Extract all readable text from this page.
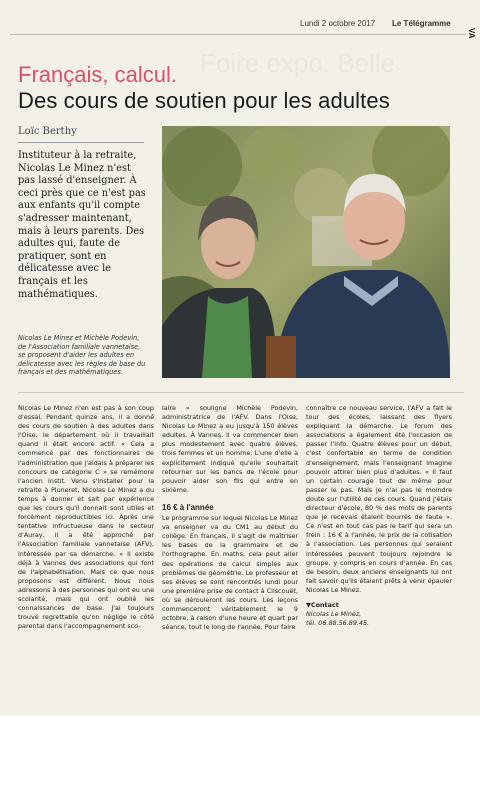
Lundi 2 octobre 2017 Le Télégramme
VA
Foire expo. Belle
Français, calcul.
Des cours de soutien pour les adultes
Loïc Berthy
Instituteur à la retraite, Nicolas Le Minez n'est pas lassé d'enseigner. À ceci près que ce n'est pas aux enfants qu'il compte s'adresser maintenant, mais à leurs parents. Des adultes qui, faute de pratiquer, sont en délicatesse avec le français et les mathématiques.
Nicolas Le Minez et Michèle Podevin, de l'Association familiale vannetaise, se proposent d'aider les adultes en délicatesse avec les règles de base du français et des mathématiques.

Nicolas Le Minez n'en est pas à son coup d'essai. Pendant quinze ans, il a donné des cours de soutien à des adultes dans l'Oise, le département où il travaillait quand il était encore actif. « Cela a commencé par des fonctionnaires de l'administration que j'aidais à préparer les concours de catégorie C » se remémore l'ancien instit. Venu s'installer pour la retraite à Pluneret, Nicolas Le Minez a du temps à donner et sait par expérience que les cours qu'il donnait sont utiles et forcément reproductibles ici. Après une tentative infructueuse dans le secteur d'Auray, il a été approché par l'Association familiale vannetaise (AFV), intéressée par sa démarche. « Il existe déjà à Vannes des associations qui font de l'alphabétisation. Mais ce que nous proposons est différent. Nous nous adressons à des personnes qui ont eu une scolarité, mais qui ont oublié les connaissances de base. J'ai toujours trouvé regrettable qu'on néglige le côté parental dans l'accompagnement sco-

laire » souligne Michèle Podevin, administratrice de l'AFV. Dans l'Oise, Nicolas Le Minez a eu jusqu'à 150 élèves adultes. À Vannes, il va commencer bien plus modestement avec quatre élèves, trois femmes et un homme. L'une d'elle a explicitement indiqué qu'elle souhaitait retourner sur les bancs de l'école pour pouvoir aider son fils qui entre en sixième.

16 € à l'année

Le programme sur lequel Nicolas Le Minez va enseigner va du CM1 au début du collège. En français, il s'agit de maîtriser les bases de la grammaire et de l'orthographe. En maths, cela peut aller des opérations de calcul simples aux problèmes de géométrie. Le professeur et ses élèves se sont rencontrés lundi pour une première prise de contact à Cliscouët, où se dérouleront les cours. Les leçons commenceront véritablement le 9 octobre, à raison d'une heure et quart par séance, tout le long de l'année. Pour faire

connaître ce nouveau service, l'AFV a fait le tour des écoles, laissant des flyers expliquant la démarche. Le forum des associations a également été l'occasion de passer l'info. Quatre élèves pour un début, c'est confortable en terme de condition d'enseignement, mais l'enseignant imagine pouvoir attirer bien plus d'adultes. « Il faut un certain courage tout de même pour passer le pas. Mais je n'ai pas le moindre doute sur l'utilité de ces cours. Quand j'étais directeur d'école, 80 % des mots de parents que je recevais étaient bourrés de faute ». Ce n'est en tout cas pas le tarif qui sera un frein : 16 € à l'année, le prix de la cotisation à l'association. Les personnes qui seraient intéressées peuvent toujours rejoindre le groupe, y compris en cours d'année. En cas de besoin, deux anciens enseignants lui ont fait savoir qu'ils étaient prêts à venir épauler Nicolas Le Minez.

▼Contact
Nicolas Le Minez,
tél. 06.88.56.89.45.
